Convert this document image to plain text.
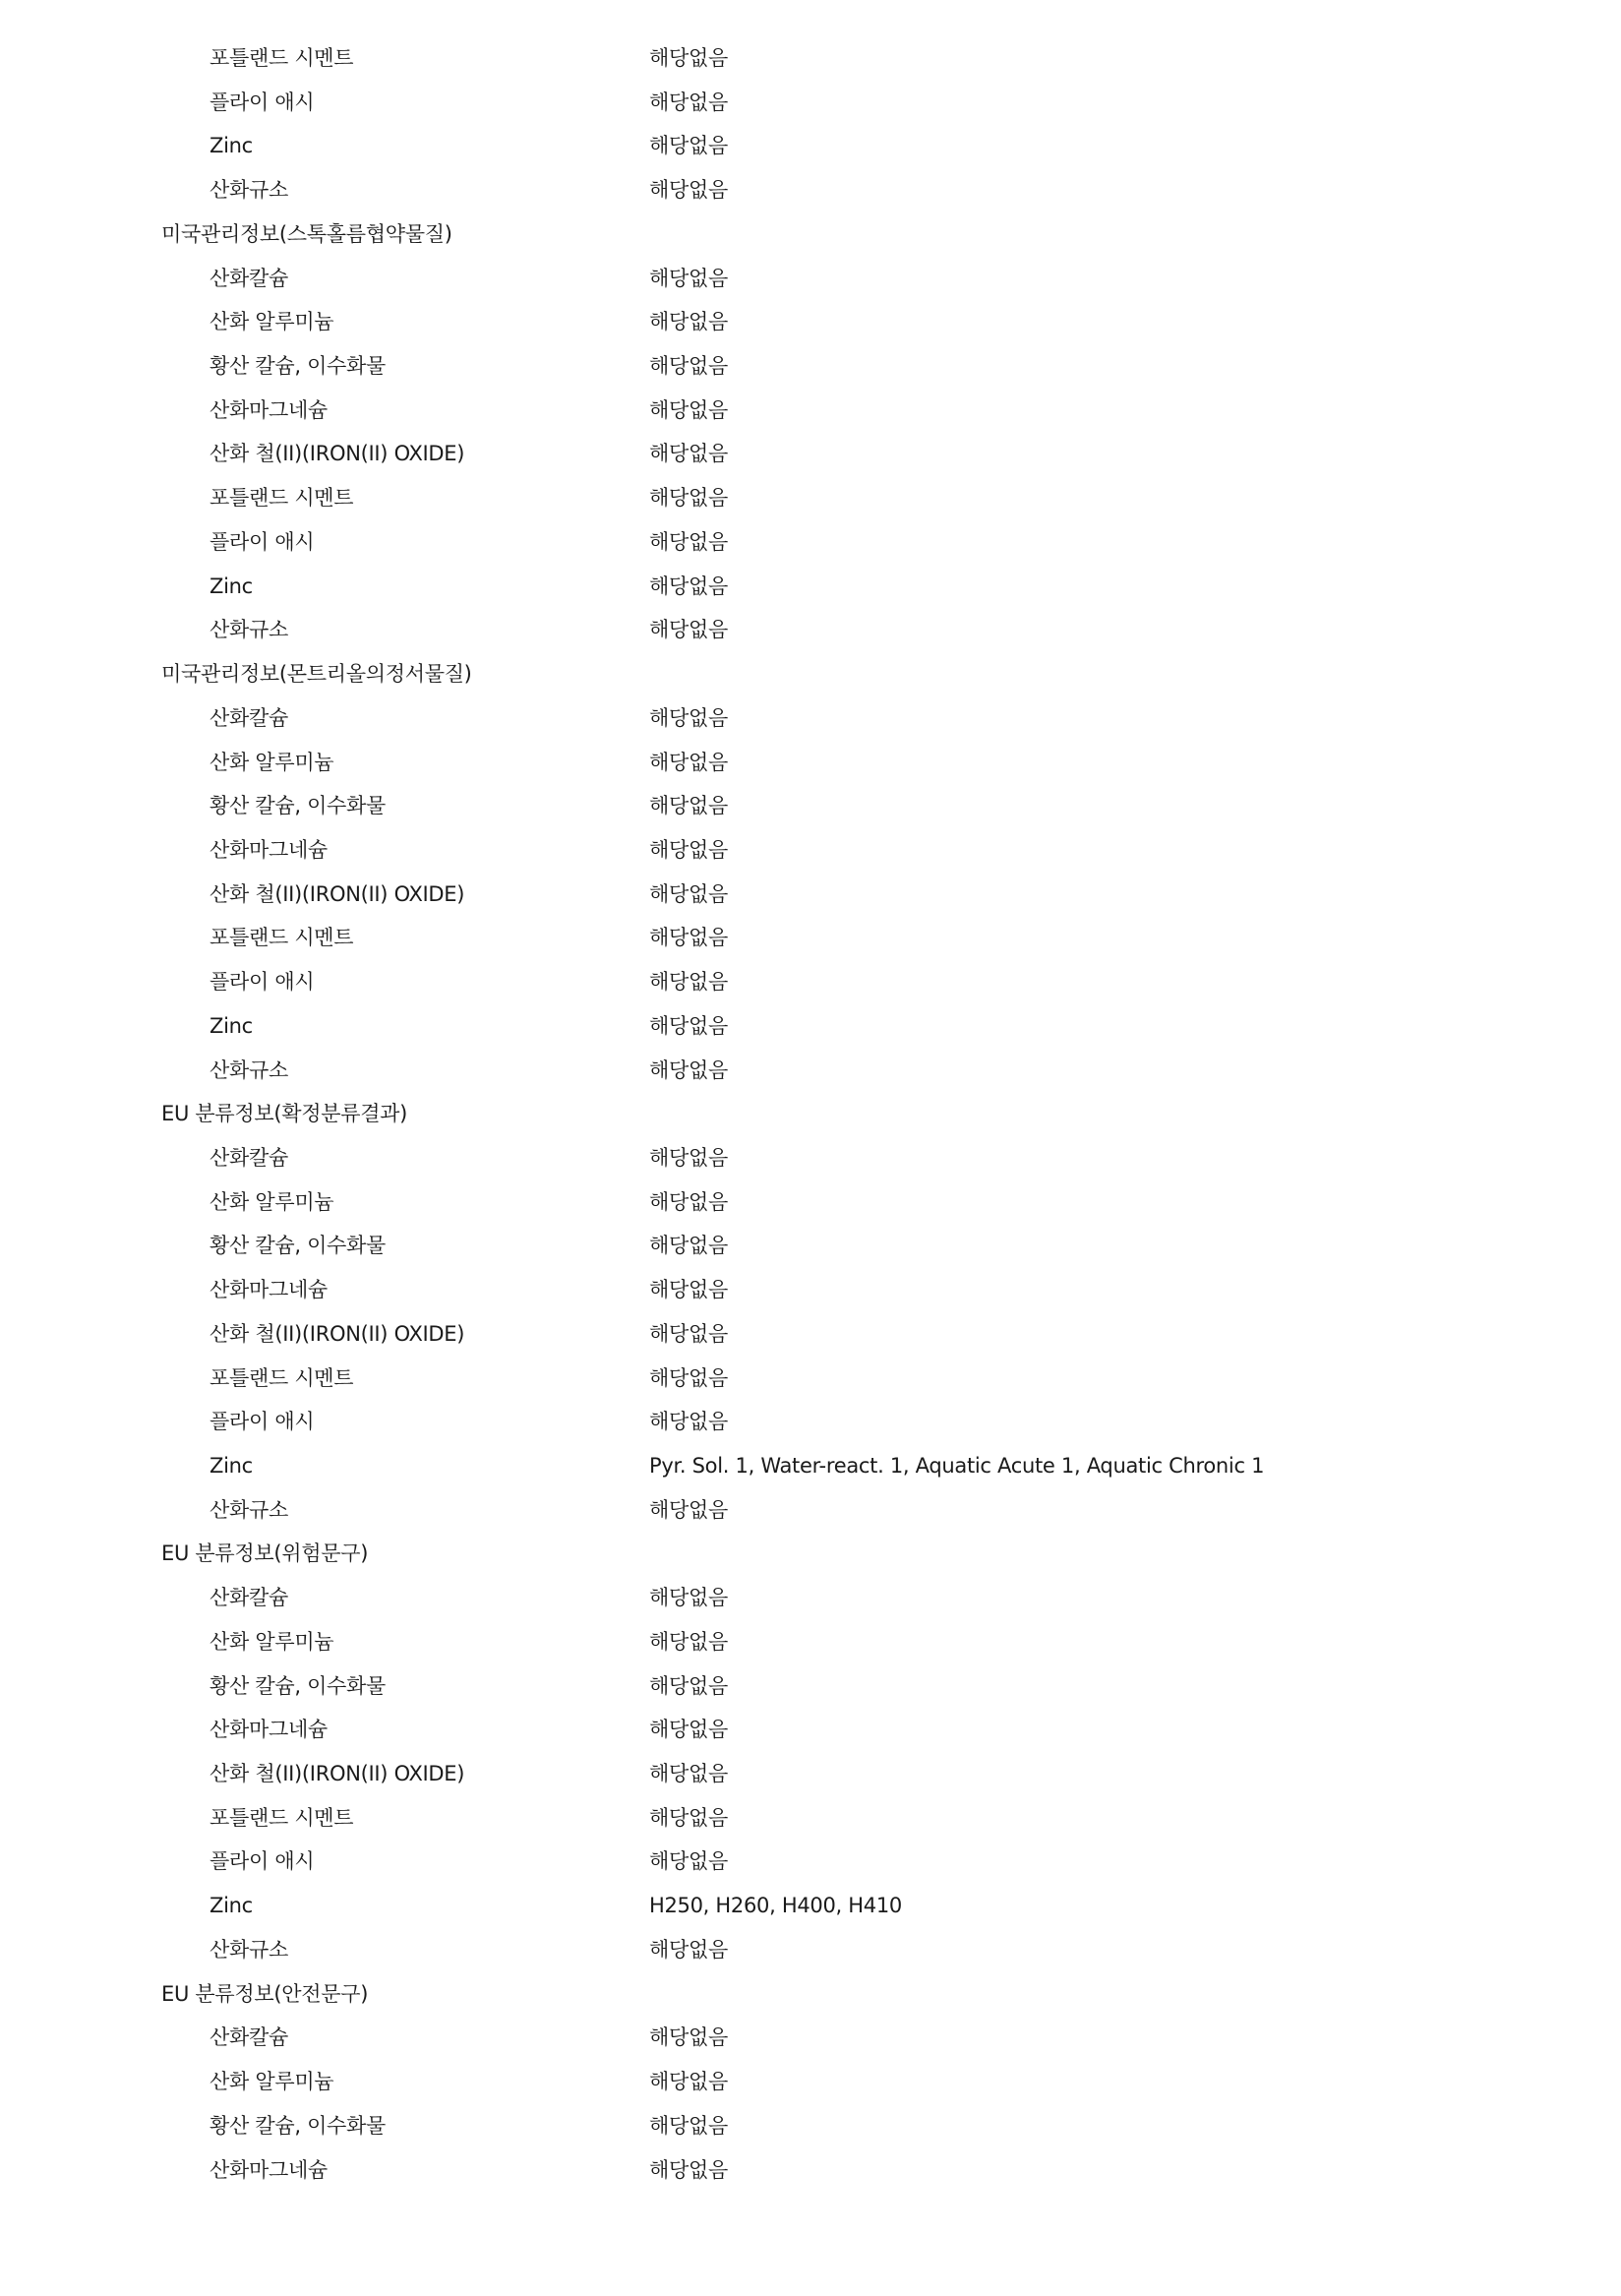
포틀랜드 시멘트	해당없음
플라이 애시	해당없음
Zinc	해당없음
산화규소	해당없음
미국관리정보(스톡홀름협약물질)
산화칼슘	해당없음
산화 알루미늄	해당없음
황산 칼슘, 이수화물	해당없음
산화마그네슘	해당없음
산화 철(II)(IRON(II) OXIDE)	해당없음
포틀랜드 시멘트	해당없음
플라이 애시	해당없음
Zinc	해당없음
산화규소	해당없음
미국관리정보(몬트리올의정서물질)
산화칼슘	해당없음
산화 알루미늄	해당없음
황산 칼슘, 이수화물	해당없음
산화마그네슘	해당없음
산화 철(II)(IRON(II) OXIDE)	해당없음
포틀랜드 시멘트	해당없음
플라이 애시	해당없음
Zinc	해당없음
산화규소	해당없음
EU 분류정보(확정분류결과)
산화칼슘	해당없음
산화 알루미늄	해당없음
황산 칼슘, 이수화물	해당없음
산화마그네슘	해당없음
산화 철(II)(IRON(II) OXIDE)	해당없음
포틀랜드 시멘트	해당없음
플라이 애시	해당없음
Zinc	Pyr. Sol. 1, Water-react. 1, Aquatic Acute 1, Aquatic Chronic 1
산화규소	해당없음
EU 분류정보(위험문구)
산화칼슘	해당없음
산화 알루미늄	해당없음
황산 칼슘, 이수화물	해당없음
산화마그네슘	해당없음
산화 철(II)(IRON(II) OXIDE)	해당없음
포틀랜드 시멘트	해당없음
플라이 애시	해당없음
Zinc	H250, H260, H400, H410
산화규소	해당없음
EU 분류정보(안전문구)
산화칼슘	해당없음
산화 알루미늄	해당없음
황산 칼슘, 이수화물	해당없음
산화마그네슘	해당없음
